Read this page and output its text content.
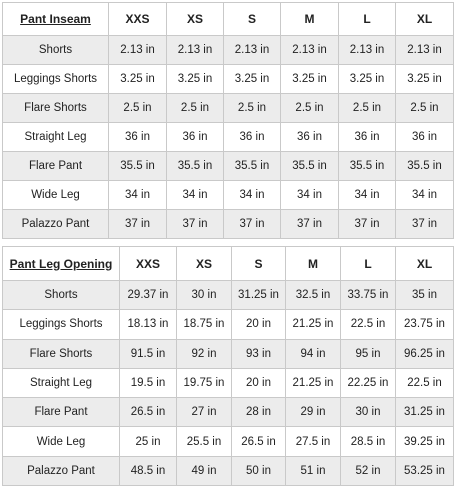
Pant Inseam	XXS	XS	S	M	L	XL
Shorts	2.13 in	2.13 in	2.13 in	2.13 in	2.13 in	2.13 in
Leggings Shorts	3.25 in	3.25 in	3.25 in	3.25 in	3.25 in	3.25 in
Flare Shorts	2.5 in	2.5 in	2.5 in	2.5 in	2.5 in	2.5 in
Straight Leg	36 in	36 in	36 in	36 in	36 in	36 in
Flare Pant	35.5 in	35.5 in	35.5 in	35.5 in	35.5 in	35.5 in
Wide Leg	34 in	34 in	34 in	34 in	34 in	34 in
Palazzo Pant	37 in	37 in	37 in	37 in	37 in	37 in
Pant Leg Opening	XXS	XS	S	M	L	XL
Shorts	29.37 in	30 in	31.25 in	32.5 in	33.75 in	35 in
Leggings Shorts	18.13 in	18.75 in	20 in	21.25 in	22.5 in	23.75 in
Flare Shorts	91.5 in	92 in	93 in	94 in	95 in	96.25 in
Straight Leg	19.5 in	19.75 in	20 in	21.25 in	22.25 in	22.5 in
Flare Pant	26.5 in	27 in	28 in	29 in	30 in	31.25 in
Wide Leg	25 in	25.5 in	26.5 in	27.5 in	28.5 in	39.25 in
Palazzo Pant	48.5 in	49 in	50 in	51 in	52 in	53.25 in
